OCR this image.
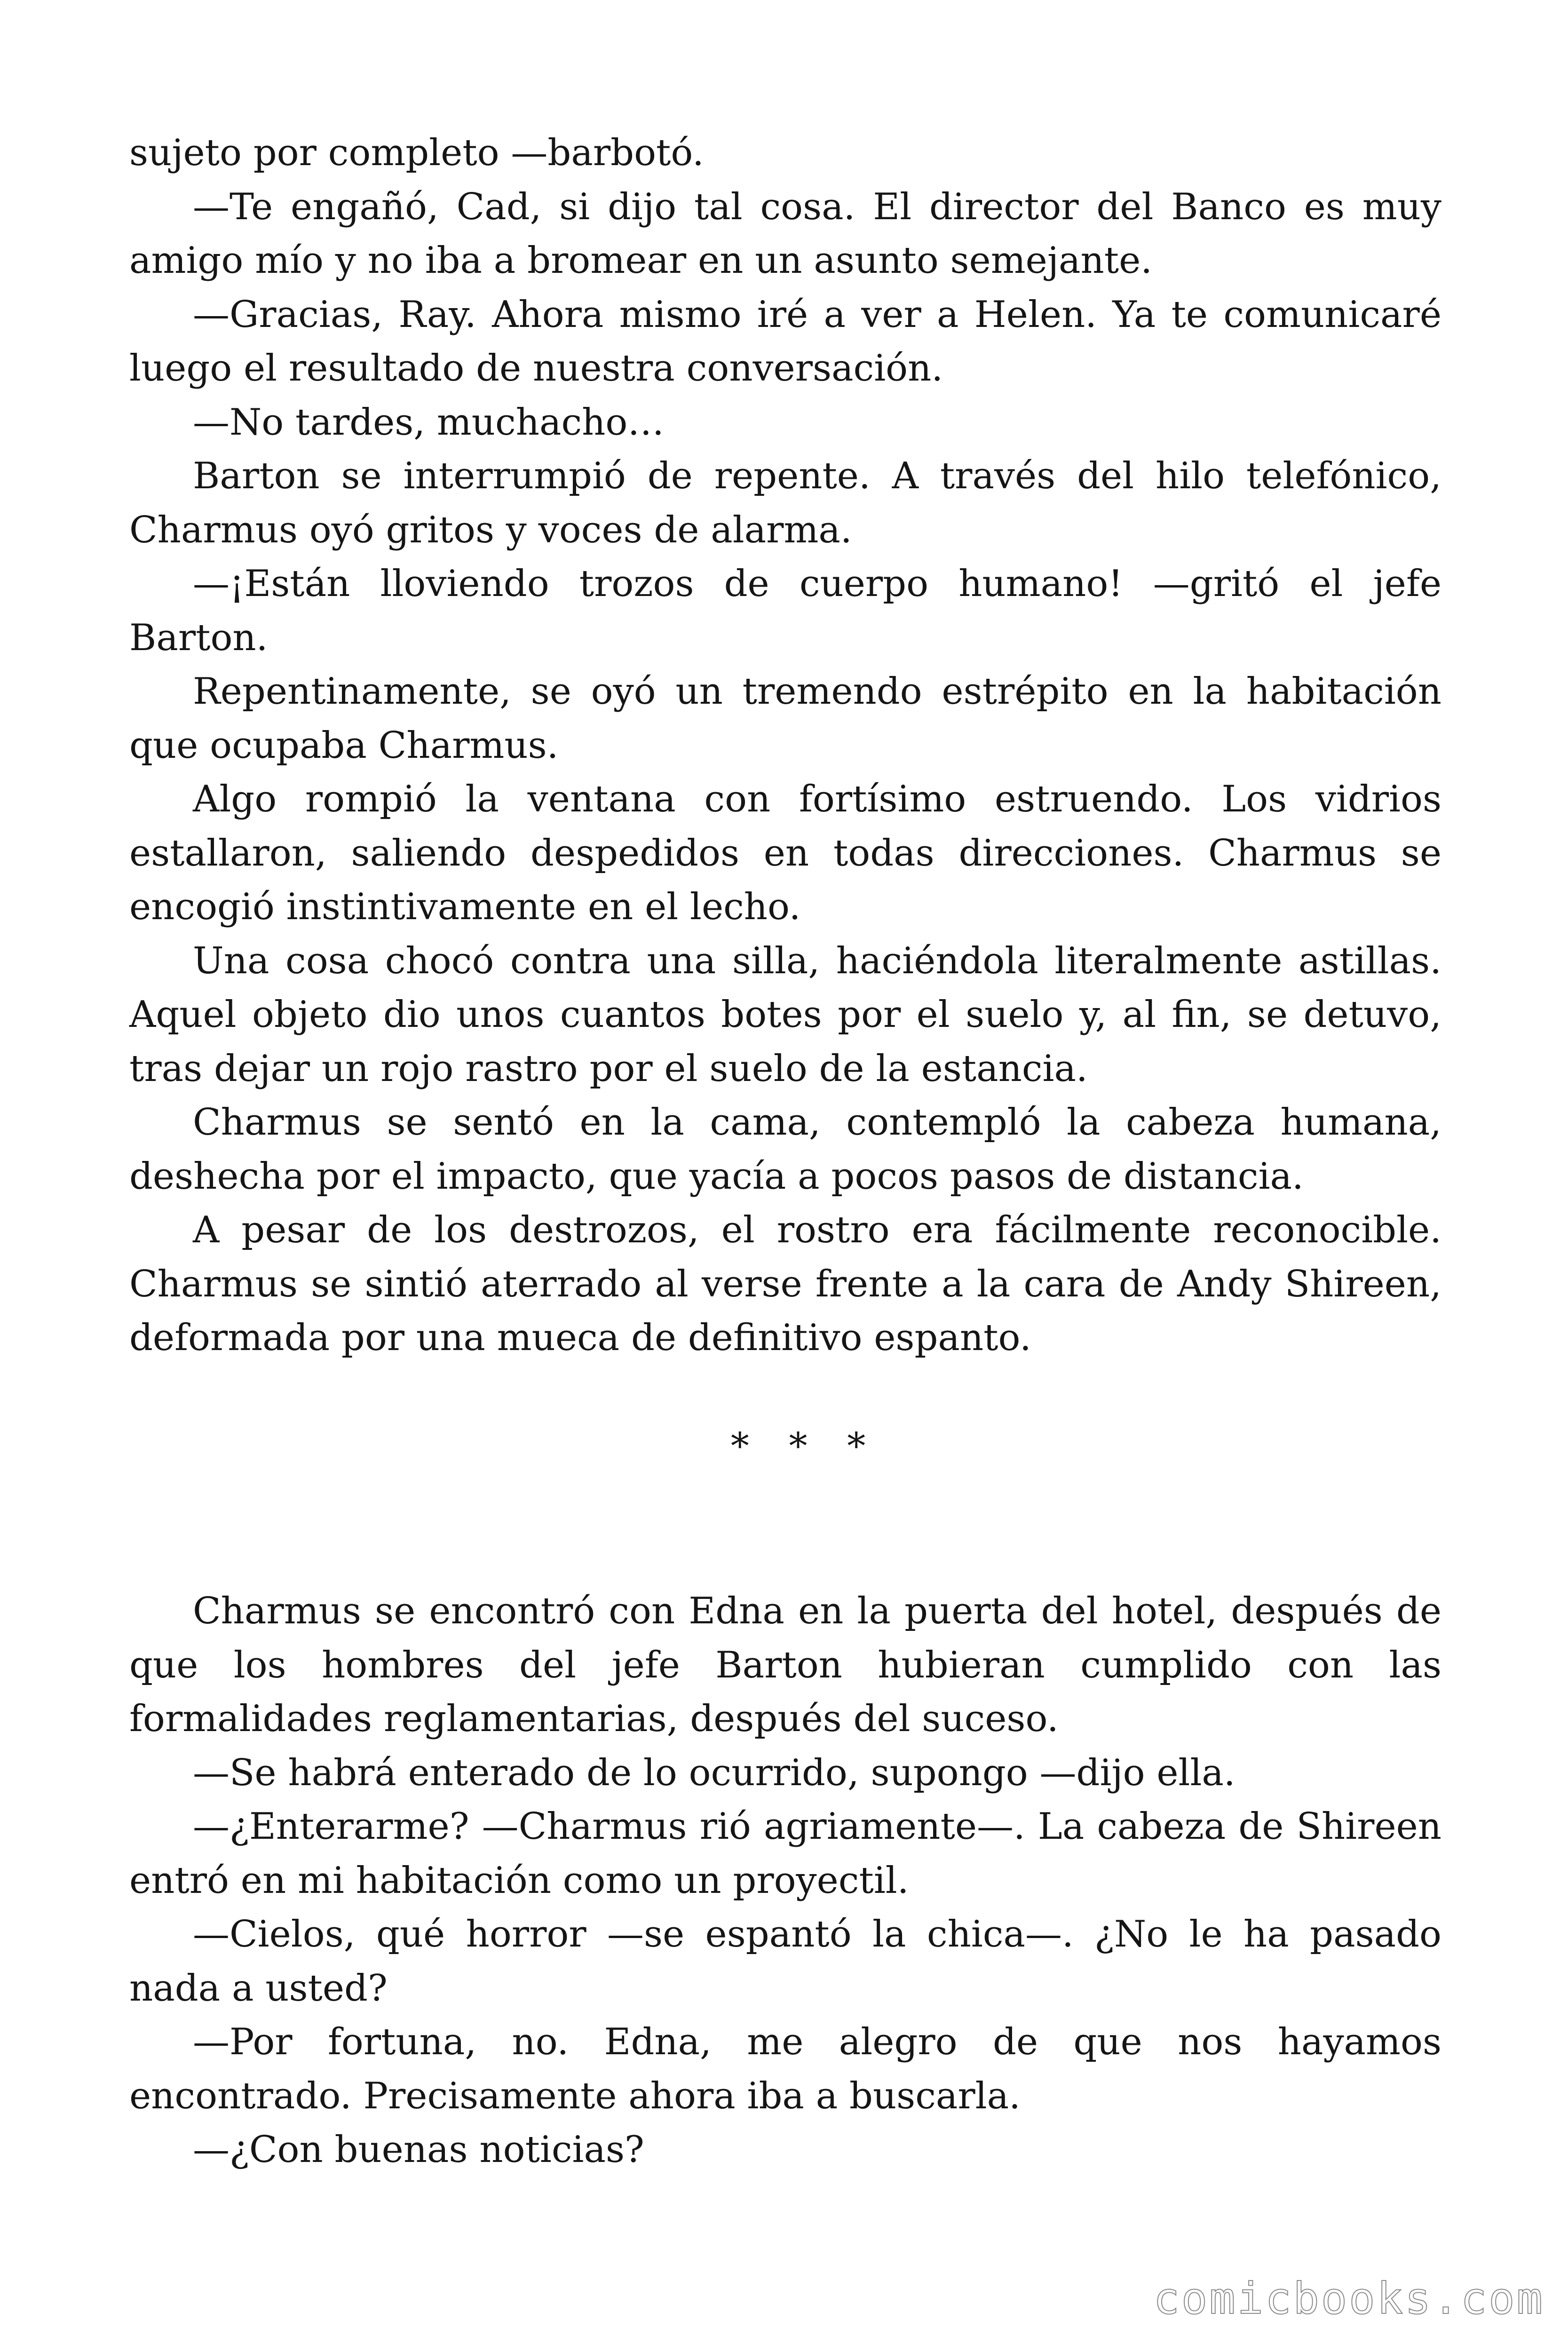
sujeto por completo —barbotó.

—Te engañó, Cad, si dijo tal cosa. El director del Banco es muy amigo mío y no iba a bromear en un asunto semejante.

—Gracias, Ray. Ahora mismo iré a ver a Helen. Ya te comunicaré luego el resultado de nuestra conversación.

—No tardes, muchacho…

Barton se interrumpió de repente. A través del hilo telefónico, Charmus oyó gritos y voces de alarma.

—¡Están lloviendo trozos de cuerpo humano! —gritó el jefe Barton.

Repentinamente, se oyó un tremendo estrépito en la habitación que ocupaba Charmus.

Algo rompió la ventana con fortísimo estruendo. Los vidrios estallaron, saliendo despedidos en todas direcciones. Charmus se encogió instintivamente en el lecho.

Una cosa chocó contra una silla, haciéndola literalmente astillas. Aquel objeto dio unos cuantos botes por el suelo y, al fin, se detuvo, tras dejar un rojo rastro por el suelo de la estancia.

Charmus se sentó en la cama, contempló la cabeza humana, deshecha por el impacto, que yacía a pocos pasos de distancia.

A pesar de los destrozos, el rostro era fácilmente reconocible. Charmus se sintió aterrado al verse frente a la cara de Andy Shireen, deformada por una mueca de definitivo espanto.

* * *

Charmus se encontró con Edna en la puerta del hotel, después de que los hombres del jefe Barton hubieran cumplido con las formalidades reglamentarias, después del suceso.

—Se habrá enterado de lo ocurrido, supongo —dijo ella.

—¿Enterarme? —Charmus rió agriamente—. La cabeza de Shireen entró en mi habitación como un proyectil.

—Cielos, qué horror —se espantó la chica—. ¿No le ha pasado nada a usted?

—Por fortuna, no. Edna, me alegro de que nos hayamos encontrado. Precisamente ahora iba a buscarla.

—¿Con buenas noticias?

comicbooks.com
